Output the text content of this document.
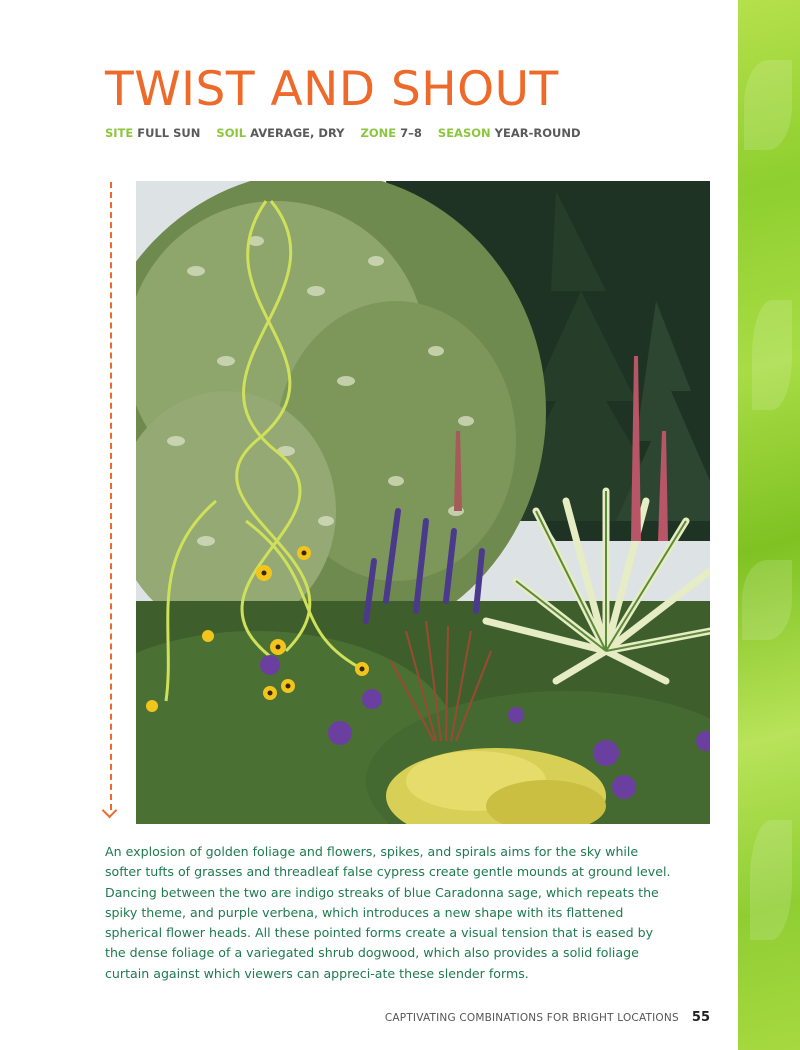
TWIST AND SHOUT
SITE FULL SUN SOIL AVERAGE, DRY ZONE 7–8 SEASON YEAR-ROUND

An explosion of golden foliage and flowers, spikes, and spirals aims for the sky while softer tufts of grasses and threadleaf false cypress create gentle mounds at ground level. Dancing between the two are indigo streaks of blue Caradonna sage, which repeats the spiky theme, and purple verbena, which introduces a new shape with its flattened spherical flower heads. All these pointed forms create a visual tension that is eased by the dense foliage of a variegated shrub dogwood, which also provides a solid foliage curtain against which viewers can appreci-ate these slender forms.

CAPTIVATING COMBINATIONS FOR BRIGHT LOCATIONS 55
